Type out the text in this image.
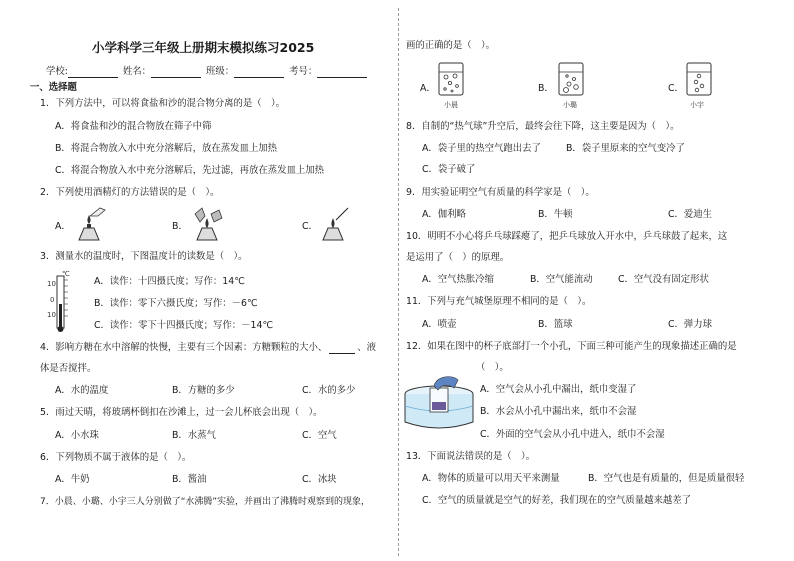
小学科学三年级上册期末模拟练习2025
学校:	姓名：	班级：	考号：
一、选择题
1．下列方法中，可以将食盐和沙的混合物分离的是（　）。
A．将食盐和沙的混合物放在筛子中筛
B．将混合物放入水中充分溶解后，放在蒸发皿上加热
C．将混合物放入水中充分溶解后，先过滤，再放在蒸发皿上加热
2．下列使用酒精灯的方法错误的是（　）。
A．	B．	C．
3．测量水的温度时，下图温度计的读数是（　）。
℃
10
0
10
A．读作：十四摄氏度；写作：14℃
B．读作：零下六摄氏度；写作：－6℃
C．读作：零下十四摄氏度；写作：－14℃
4．影响方糖在水中溶解的快慢，主要有三个因素：方糖颗粒的大小、	、液
体是否搅拌。
A．水的温度	B．方糖的多少	C．水的多少
5．雨过天晴，将玻璃杯倒扣在沙滩上，过一会儿杯底会出现（　）。
A．小水珠	B．水蒸气	C．空气
6．下列物质不属于液体的是（　）。
A．牛奶	B．酱油	C．冰块
7．小晨、小璐、小宇三人分别做了“水沸腾”实验，并画出了沸腾时观察到的现象，
画的正确的是（　）。
A．
小晨
B．
小璐
C．
小宇
8．自制的“热气球”升空后，最终会往下降，这主要是因为（　）。
A．袋子里的热空气跑出去了	B．袋子里原来的空气变冷了
C．袋子破了
9．用实验证明空气有质量的科学家是（　）。
A．伽利略	B．牛顿	C．爱迪生
10．明明不小心将乒乓球踩瘪了，把乒乓球放入开水中，乒乓球鼓了起来，这
是运用了（　）的原理。
A．空气热胀冷缩	B．空气能流动	C．空气没有固定形状
11．下列与充气城堡原理不相同的是（　）。
A．喷壶	B．篮球	C．弹力球
12．如果在图中的杯子底部打一个小孔，下面三种可能产生的现象描述正确的是
（　）。
A．空气会从小孔中漏出，纸巾变湿了
B．水会从小孔中漏出来，纸巾不会湿
C．外面的空气会从小孔中进入，纸巾不会湿
13．下面说法错误的是（　）。
A．物体的质量可以用天平来测量	B．空气也是有质量的，但是质量很轻
C．空气的质量就是空气的好差，我们现在的空气质量越来越差了
